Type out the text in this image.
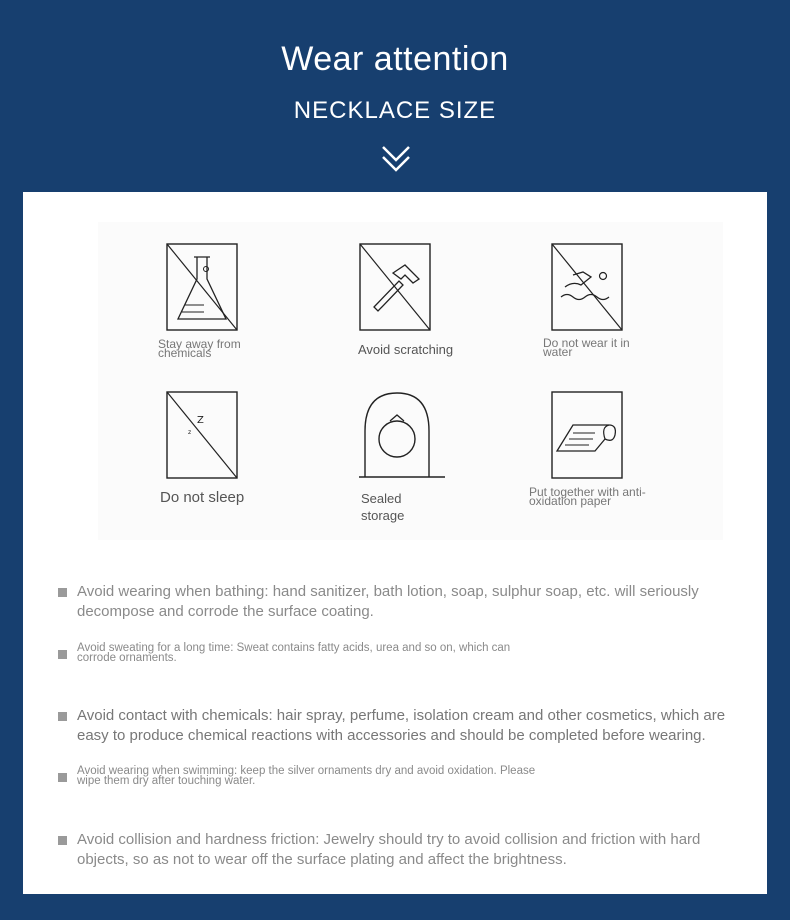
Wear attention
NECKLACE SIZE
Stay away from chemicals	Avoid scratching	Do not wear it in water
Z
z
Do not sleep	Sealed storage
Put together with anti-oxidation paper
Avoid wearing when bathing: hand sanitizer, bath lotion, soap, sulphur soap, etc. will seriously decompose and corrode the surface coating.
Avoid sweating for a long time: Sweat contains fatty acids, urea and so on, which can corrode ornaments.
Avoid contact with chemicals: hair spray, perfume, isolation cream and other cosmetics, which are easy to produce chemical reactions with accessories and should be completed before wearing.
Avoid wearing when swimming: keep the silver ornaments dry and avoid oxidation. Please wipe them dry after touching water.
Avoid collision and hardness friction: Jewelry should try to avoid collision and friction with hard objects, so as not to wear off the surface plating and affect the brightness.
